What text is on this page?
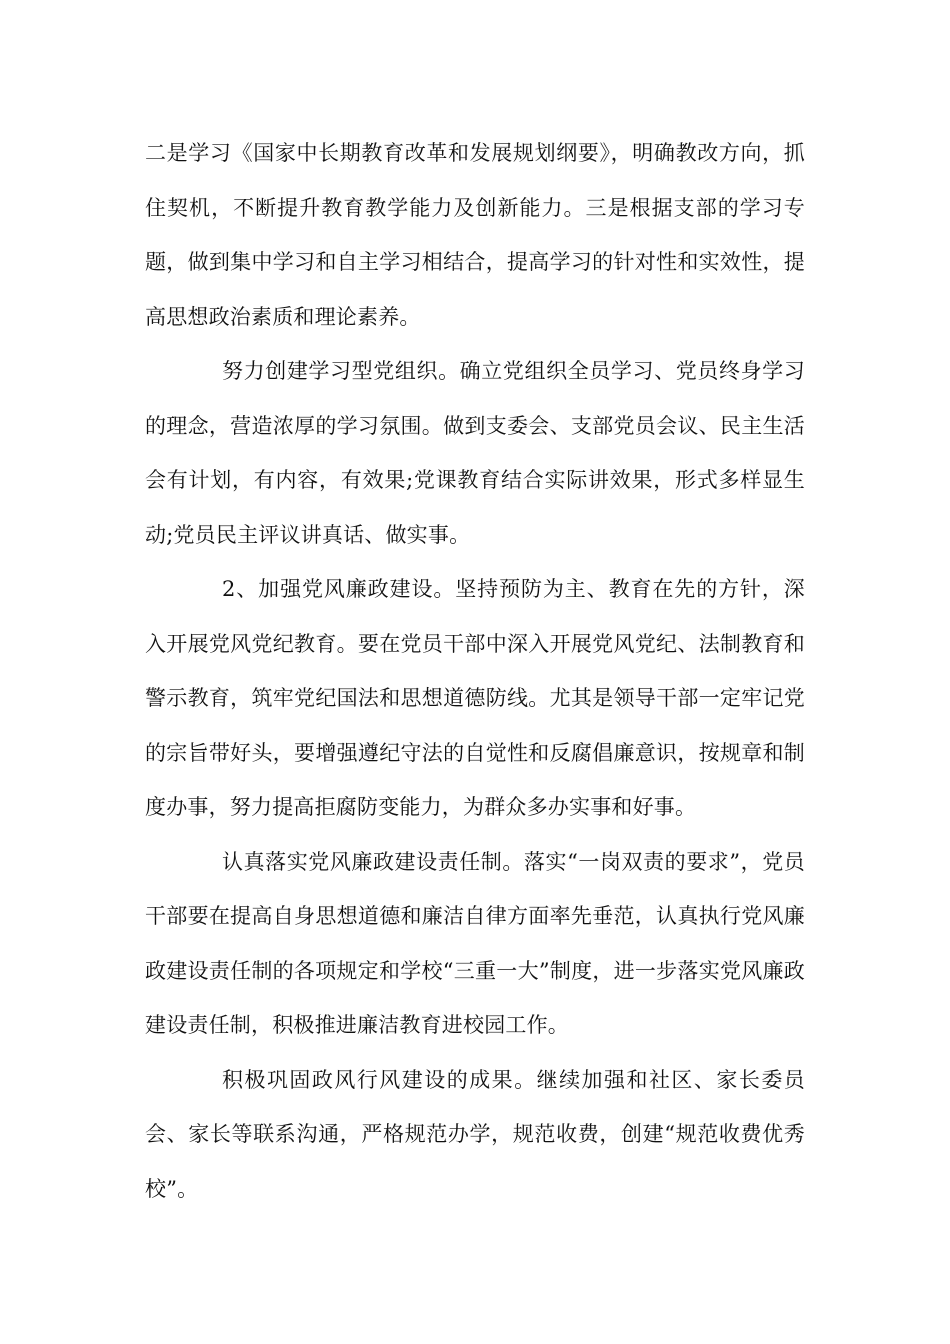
二是学习《国家中长期教育改革和发展规划纲要》，明确教改方向，抓住契机，不断提升教育教学能力及创新能力。三是根据支部的学习专题，做到集中学习和自主学习相结合，提高学习的针对性和实效性，提高思想政治素质和理论素养。

努力创建学习型党组织。确立党组织全员学习、党员终身学习的理念，营造浓厚的学习氛围。做到支委会、支部党员会议、民主生活会有计划，有内容，有效果;党课教育结合实际讲效果，形式多样显生动;党员民主评议讲真话、做实事。

2、加强党风廉政建设。坚持预防为主、教育在先的方针，深入开展党风党纪教育。要在党员干部中深入开展党风党纪、法制教育和警示教育，筑牢党纪国法和思想道德防线。尤其是领导干部一定牢记党的宗旨带好头，要增强遵纪守法的自觉性和反腐倡廉意识，按规章和制度办事，努力提高拒腐防变能力，为群众多办实事和好事。

认真落实党风廉政建设责任制。落实“一岗双责的要求”，党员干部要在提高自身思想道德和廉洁自律方面率先垂范，认真执行党风廉政建设责任制的各项规定和学校“三重一大”制度，进一步落实党风廉政建设责任制，积极推进廉洁教育进校园工作。

积极巩固政风行风建设的成果。继续加强和社区、家长委员会、家长等联系沟通，严格规范办学，规范收费，创建“规范收费优秀校”。
